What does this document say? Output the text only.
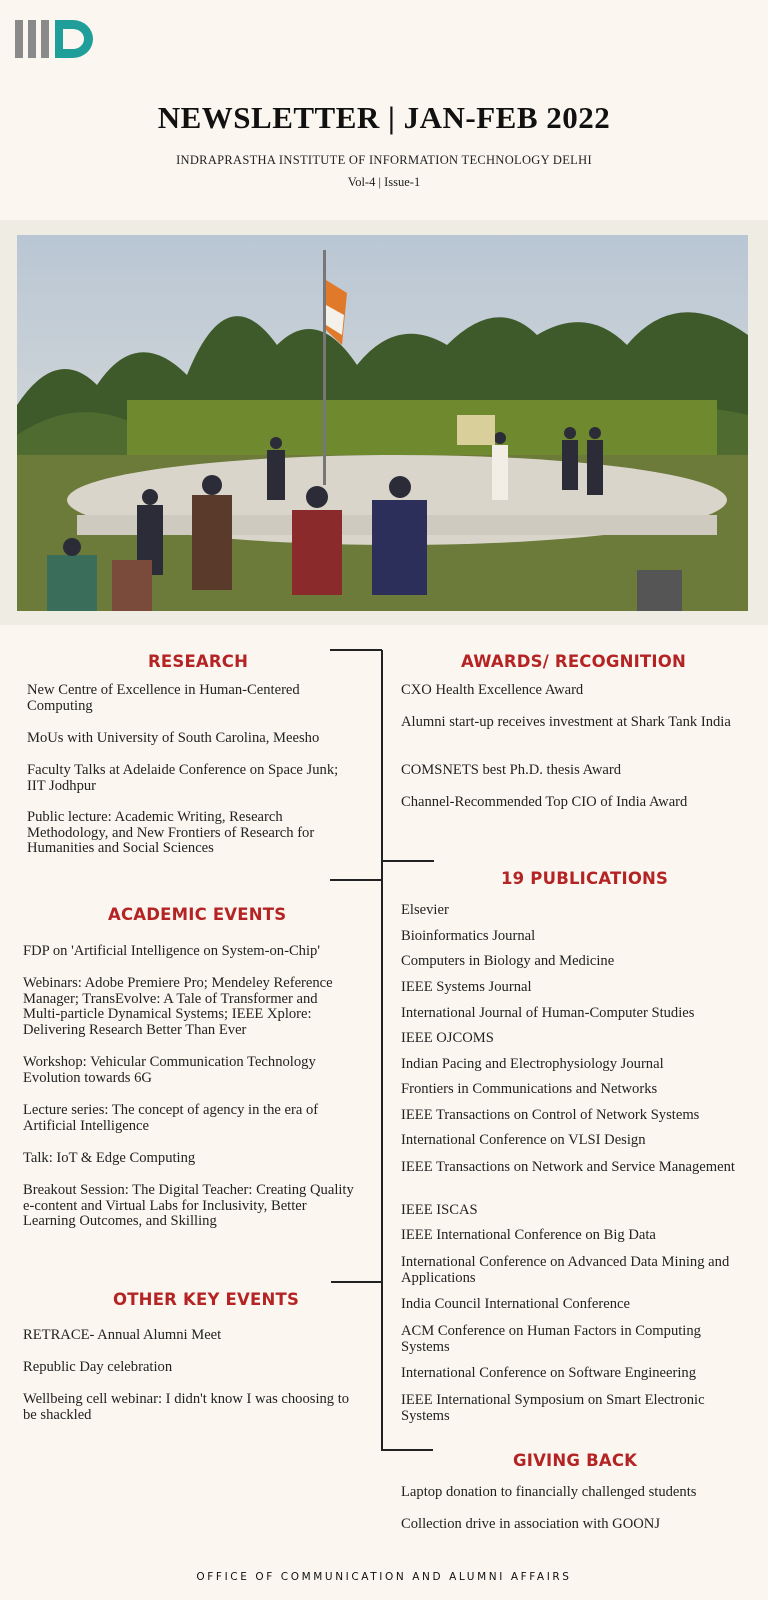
NEWSLETTER | JAN-FEB 2022
INDRAPRASTHA INSTITUTE OF INFORMATION TECHNOLOGY DELHI
Vol-4 | Issue-1
RESEARCH
New Centre of Excellence in Human-Centered Computing
MoUs with University of South Carolina, Meesho
Faculty Talks at Adelaide Conference on Space Junk; IIT Jodhpur
Public lecture: Academic Writing, Research Methodology, and New Frontiers of Research for Humanities and Social Sciences
ACADEMIC EVENTS
FDP on 'Artificial Intelligence on System-on-Chip'
Webinars: Adobe Premiere Pro; Mendeley Reference Manager; TransEvolve: A Tale of Transformer and Multi-particle Dynamical Systems; IEEE Xplore: Delivering Research Better Than Ever
Workshop: Vehicular Communication Technology Evolution towards 6G
Lecture series: The concept of agency in the era of Artificial Intelligence
Talk: IoT & Edge Computing
Breakout Session: The Digital Teacher: Creating Quality e-content and Virtual Labs for Inclusivity, Better Learning Outcomes, and Skilling
OTHER KEY EVENTS
RETRACE- Annual Alumni Meet
Republic Day celebration
Wellbeing cell webinar: I didn't know I was choosing to be shackled
AWARDS/ RECOGNITION
CXO Health Excellence Award
Alumni start-up receives investment at Shark Tank India
COMSNETS best Ph.D. thesis Award
Channel-Recommended Top CIO of India Award
19 PUBLICATIONS
Elsevier
Bioinformatics Journal
Computers in Biology and Medicine
IEEE Systems Journal
International Journal of Human-Computer Studies
IEEE OJCOMS
Indian Pacing and Electrophysiology Journal
Frontiers in Communications and Networks
IEEE Transactions on Control of Network Systems
International Conference on VLSI Design
IEEE Transactions on Network and Service Management
IEEE ISCAS
IEEE International Conference on Big Data
International Conference on Advanced Data Mining and Applications
India Council International Conference
ACM Conference on Human Factors in Computing Systems
International Conference on Software Engineering
IEEE International Symposium on Smart Electronic Systems
GIVING BACK
Laptop donation to financially challenged students
Collection drive in association with GOONJ
OFFICE OF COMMUNICATION AND ALUMNI AFFAIRS
